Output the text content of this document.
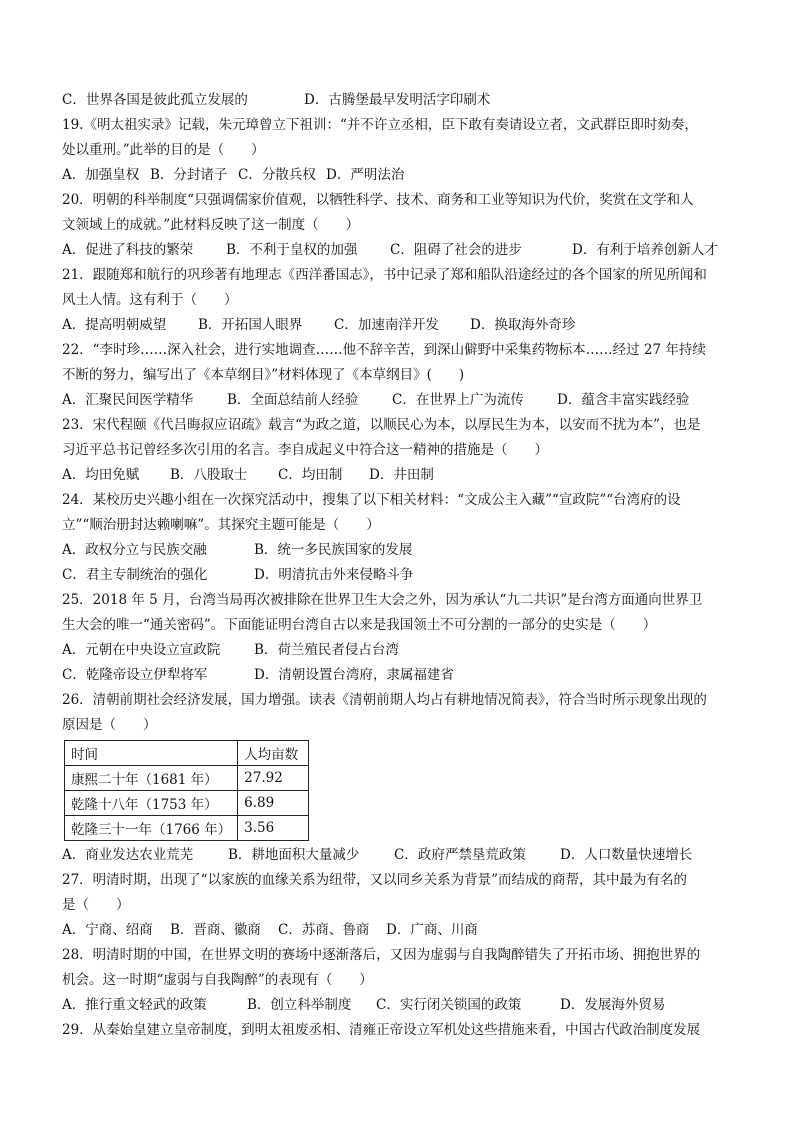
C．世界各国是彼此孤立发展的	D．古腾堡最早发明活字印刷术
19.《明太祖实录》记载，朱元璋曾立下祖训：“并不许立丞相，臣下敢有奏请设立者，文武群臣即时劾奏，
处以重刑。”此举的目的是（　　）
A．加强皇权 B．分封诸子 C．分散兵权 D．严明法治
20．明朝的科举制度“只强调儒家价值观，以牺牲科学、技术、商务和工业等知识为代价，奖赏在文学和人
文领域上的成就。”此材料反映了这一制度（　　）
A．促进了科技的繁荣	B．不利于皇权的加强	C．阻碍了社会的进步	D．有利于培养创新人才
21．跟随郑和航行的巩珍著有地理志《西洋番国志》，书中记录了郑和船队沿途经过的各个国家的所见所闻和
风土人情。这有利于（　　）
A．提高明朝威望	B．开拓国人眼界	C．加速南洋开发	D．换取海外奇珍
22．“李时珍……深入社会，进行实地调查……他不辞辛苦，到深山僻野中采集药物标本……经过 27 年持续
不断的努力，编写出了《本草纲目》”材料体现了《本草纲目》(　　)
A．汇聚民间医学精华	B．全面总结前人经验	C．在世界上广为流传	D．蕴含丰富实践经验
23．宋代程颐《代吕晦叔应诏疏》载言“为政之道，以顺民心为本，以厚民生为本，以安而不扰为本”，也是
习近平总书记曾经多次引用的名言。李自成起义中符合这一精神的措施是（　　）
A．均田免赋	B．八股取士	C．均田制	D．井田制
24．某校历史兴趣小组在一次探究活动中，搜集了以下相关材料：“文成公主入藏”“宣政院”“台湾府的设
立”“顺治册封达赖喇嘛”。其探究主题可能是（　　）
A．政权分立与民族交融	B．统一多民族国家的发展
C．君主专制统治的强化	D．明清抗击外来侵略斗争
25．2018 年 5 月，台湾当局再次被排除在世界卫生大会之外，因为承认“九二共识”是台湾方面通向世界卫
生大会的唯一“通关密码”。下面能证明台湾自古以来是我国领土不可分割的一部分的史实是（　　）
A．元朝在中央设立宣政院	B．荷兰殖民者侵占台湾
C．乾隆帝设立伊犁将军	D．清朝设置台湾府，隶属福建省
26．清朝前期社会经济发展，国力增强。读表《清朝前期人均占有耕地情况简表》，符合当时所示现象出现的
原因是（　　）
时间	人均亩数
康熙二十年（1681 年）	27.92
乾隆十八年（1753 年）	6.89
乾隆三十一年（1766 年）	3.56
A．商业发达农业荒芜	B．耕地面积大量减少	C．政府严禁垦荒政策	D．人口数量快速增长
27．明清时期，出现了“以家族的血缘关系为纽带，又以同乡关系为背景”而结成的商帮，其中最为有名的
是（　　）
A．宁商、绍商	B．晋商、徽商	C．苏商、鲁商	D．广商、川商
28．明清时期的中国，在世界文明的赛场中逐渐落后，又因为虚弱与自我陶醉错失了开拓市场、拥抱世界的
机会。这一时期“虚弱与自我陶醉”的表现有（　　）
A．推行重文轻武的政策	B．创立科举制度	C．实行闭关锁国的政策	D．发展海外贸易
29．从秦始皇建立皇帝制度，到明太祖废丞相、清雍正帝设立军机处这些措施来看，中国古代政治制度发展
